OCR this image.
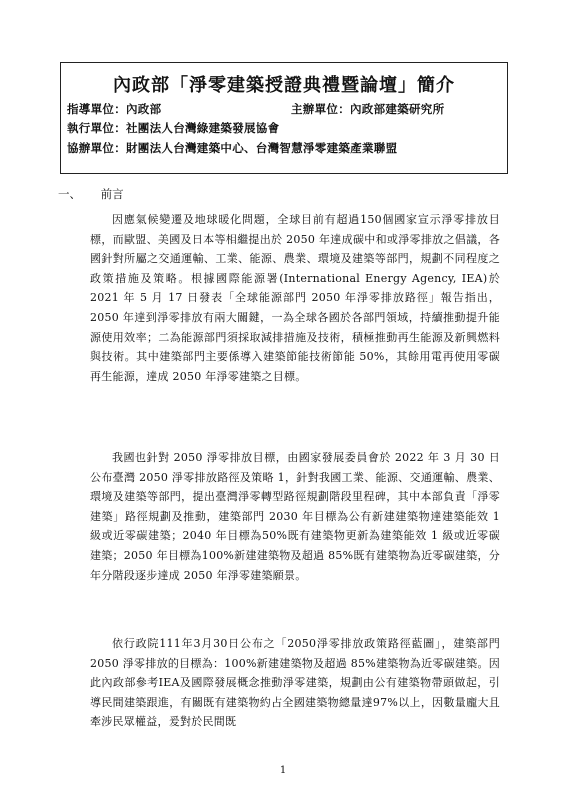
內政部「淨零建築授證典禮暨論壇」簡介
指導單位：內政部	主辦單位：內政部建築研究所
執行單位：社團法人台灣綠建築發展協會
協辦單位：財團法人台灣建築中心、台灣智慧淨零建築產業聯盟
一、 前言
因應氣候變遷及地球暖化問題，全球目前有超過150個國家宣示淨零排放目標，而歐盟、美國及日本等相繼提出於 2050 年達成碳中和或淨零排放之倡議，各國針對所屬之交通運輸、工業、能源、農業、環境及建築等部門，規劃不同程度之政策措施及策略。根據國際能源署(International Energy Agency, IEA)於 2021 年 5 月 17 日發表「全球能源部門 2050 年淨零排放路徑」報告指出，2050 年達到淨零排放有兩大關鍵，一為全球各國於各部門領域，持續推動提升能源使用效率；二為能源部門須採取減排措施及技術，積極推動再生能源及新興燃料與技術。其中建築部門主要係導入建築節能技術節能 50%，其餘用電再使用零碳再生能源，達成 2050 年淨零建築之目標。
我國也針對 2050 淨零排放目標，由國家發展委員會於 2022 年 3 月 30 日公布臺灣 2050 淨零排放路徑及策略 1，針對我國工業、能源、交通運輸、農業、環境及建築等部門，提出臺灣淨零轉型路徑規劃階段里程碑，其中本部負責「淨零建築」路徑規劃及推動，建築部門 2030 年目標為公有新建建築物達建築能效 1 級或近零碳建築；2040 年目標為50%既有建築物更新為建築能效 1 級或近零碳建築；2050 年目標為100%新建建築物及超過 85%既有建築物為近零碳建築，分年分階段逐步達成 2050 年淨零建築願景。
依行政院111年3月30日公布之「2050淨零排放政策路徑藍圖」，建築部門 2050 淨零排放的目標為：100%新建建築物及超過 85%建築物為近零碳建築。因此內政部參考IEA及國際發展概念推動淨零建築，規劃由公有建築物帶頭做起，引導民間建築跟進，有關既有建築物約占全國建築物總量達97%以上，因數量龐大且牽涉民眾權益，爰對於民間既
1
